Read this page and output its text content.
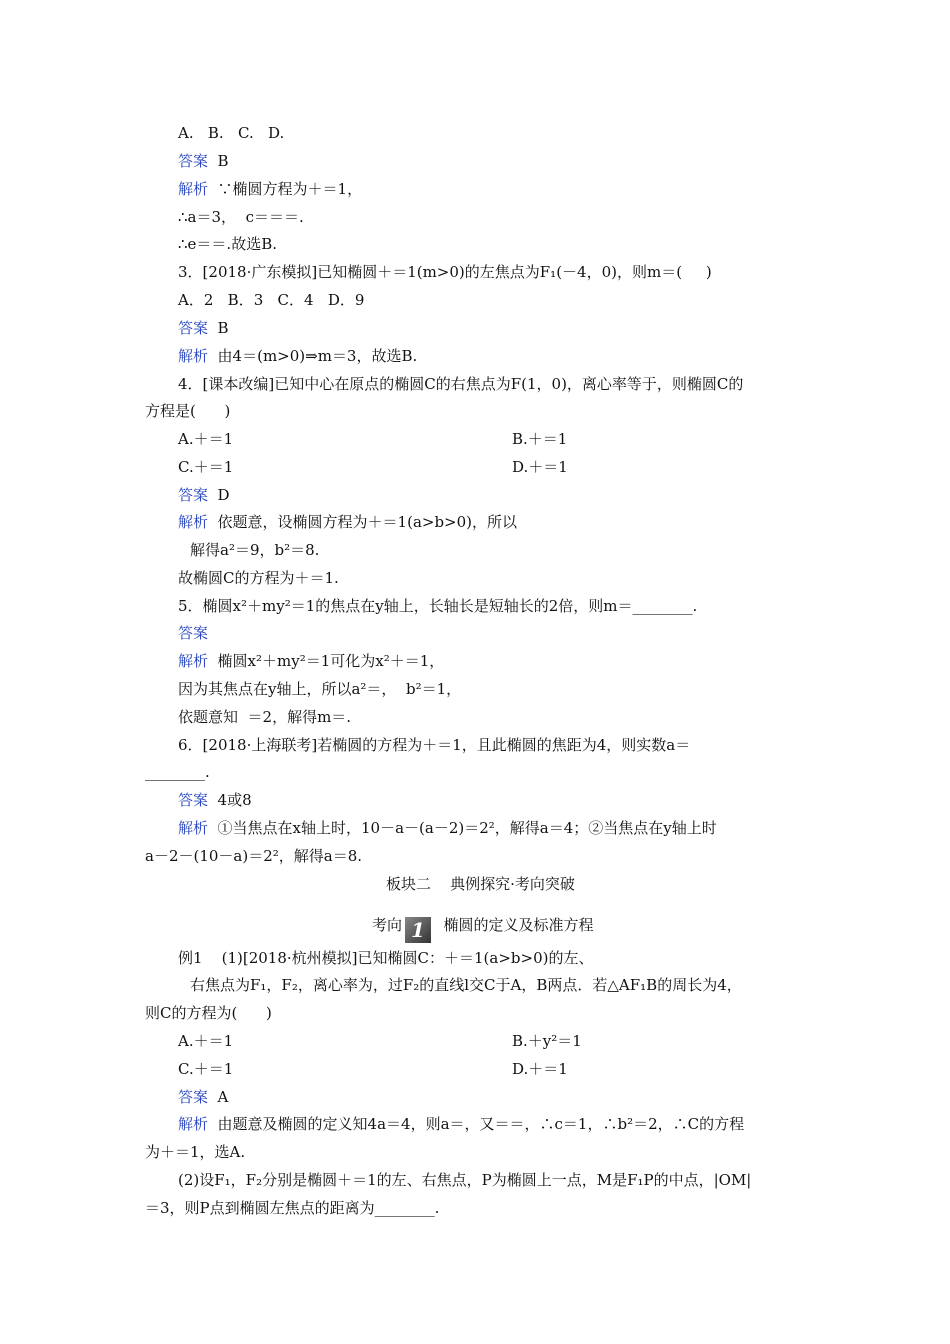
A.   B.   C.   D.
答案  B
解析  ∵椭圆方程为＋＝1，
∴a＝3，  c＝＝＝.
∴e＝＝.故选B.
3．[2018·广东模拟]已知椭圆＋＝1(m>0)的左焦点为F₁(－4，0)，则m＝(     )
A．2   B．3   C．4   D．9
答案  B
解析  由4＝(m>0)⇒m＝3，故选B.
4．[课本改编]已知中心在原点的椭圆C的右焦点为F(1，0)，离心率等于，则椭圆C的
方程是(      )
A.＋＝1	B.＋＝1
C.＋＝1	D.＋＝1
答案  D
解析  依题意，设椭圆方程为＋＝1(a>b>0)，所以
解得a²＝9，b²＝8.
故椭圆C的方程为＋＝1.
5．椭圆x²＋my²＝1的焦点在y轴上，长轴长是短轴长的2倍，则m＝________.
答案
解析  椭圆x²＋my²＝1可化为x²＋＝1，
因为其焦点在y轴上，所以a²＝，  b²＝1，
依题意知  ＝2，解得m＝.
6．[2018·上海联考]若椭圆的方程为＋＝1，且此椭圆的焦距为4，则实数a＝
________.
答案  4或8
解析  ①当焦点在x轴上时，10－a－(a－2)＝2²，解得a＝4；②当焦点在y轴上时
a－2－(10－a)＝2²，解得a＝8.
板块二    典例探究·考向突破
考向 1  椭圆的定义及标准方程
例1    (1)[2018·杭州模拟]已知椭圆C：＋＝1(a>b>0)的左、
右焦点为F₁，F₂，离心率为，过F₂的直线l交C于A，B两点．若△AF₁B的周长为4，
则C的方程为(      )
A.＋＝1	B.＋y²＝1
C.＋＝1	D.＋＝1
答案  A
解析  由题意及椭圆的定义知4a＝4，则a＝，又＝＝，∴c＝1，∴b²＝2，∴C的方程
为＋＝1，选A.
(2)设F₁，F₂分别是椭圆＋＝1的左、右焦点，P为椭圆上一点，M是F₁P的中点，|OM|
＝3，则P点到椭圆左焦点的距离为________.
